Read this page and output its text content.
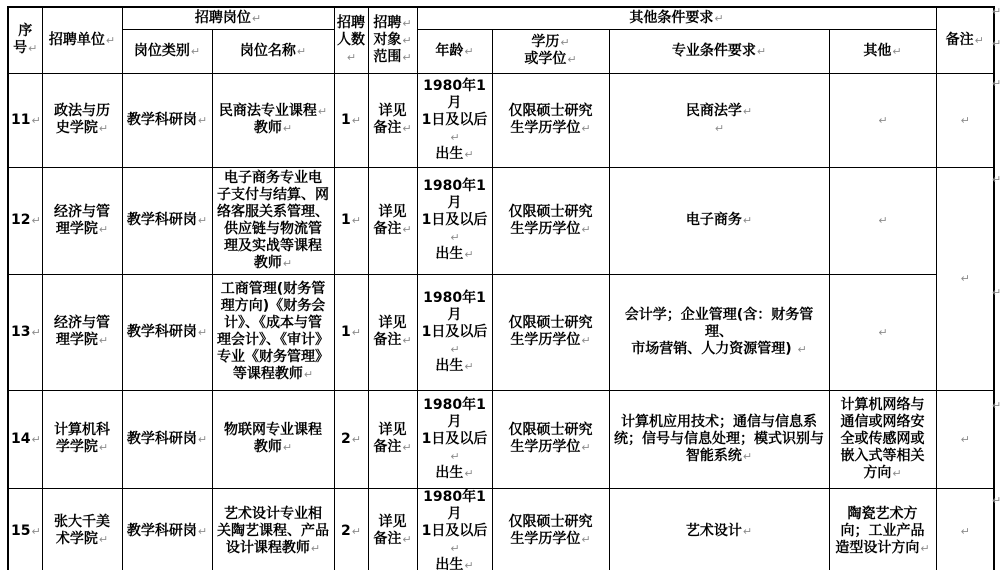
序
号↵	招聘单位↵	招聘岗位↵		招聘
人数↵	招聘↵
对象↵
范围↵	其他条件要求↵				备注↵
		岗位类别↵	岗位名称↵			年龄↵	学历↵
或学位↵	专业条件要求↵	其他↵	
11↵	政法与历
史学院↵	教学科研岗↵	民商法专业课程↵
教师↵	1↵	详见
备注↵	1980年1月
1日及以后↵
出生↵	仅限硕士研究
生学历学位↵	民商法学↵
↵	↵	↵
12↵	经济与管
理学院↵	教学科研岗↵	电子商务专业电
子支付与结算、网
络客服关系管理、
供应链与物流管
理及实战等课程
教师↵	1↵	详见
备注↵	1980年1月
1日及以后↵
出生↵	仅限硕士研究
生学历学位↵	电子商务↵	↵	↵
13↵	经济与管
理学院↵	教学科研岗↵	工商管理(财务管
理方向)《财务会
计》、《成本与管
理会计》、《审计》
专业《财务管理》
等课程教师↵	1↵	详见
备注↵	1980年1月
1日及以后↵
出生↵	仅限硕士研究
生学历学位↵	会计学；企业管理(含：财务管理、
市场营销、人力资源管理) ↵	↵
14↵	计算机科
学学院↵	教学科研岗↵	物联网专业课程
教师↵	2↵	详见
备注↵	1980年1月
1日及以后↵
出生↵	仅限硕士研究
生学历学位↵	计算机应用技术；通信与信息系
统；信号与信息处理；模式识别与
智能系统↵	计算机网络与
通信或网络安
全或传感网或
嵌入式等相关
方向↵	↵
15↵	张大千美
术学院↵	教学科研岗↵	艺术设计专业相
关陶艺课程、产品
设计课程教师↵	2↵	详见
备注↵	1980年1月
1日及以后↵
出生↵	仅限硕士研究
生学历学位↵	艺术设计↵	陶瓷艺术方
向；工业产品
造型设计方向↵	↵
↵
↵
↵
↵
↵
↵
↵
